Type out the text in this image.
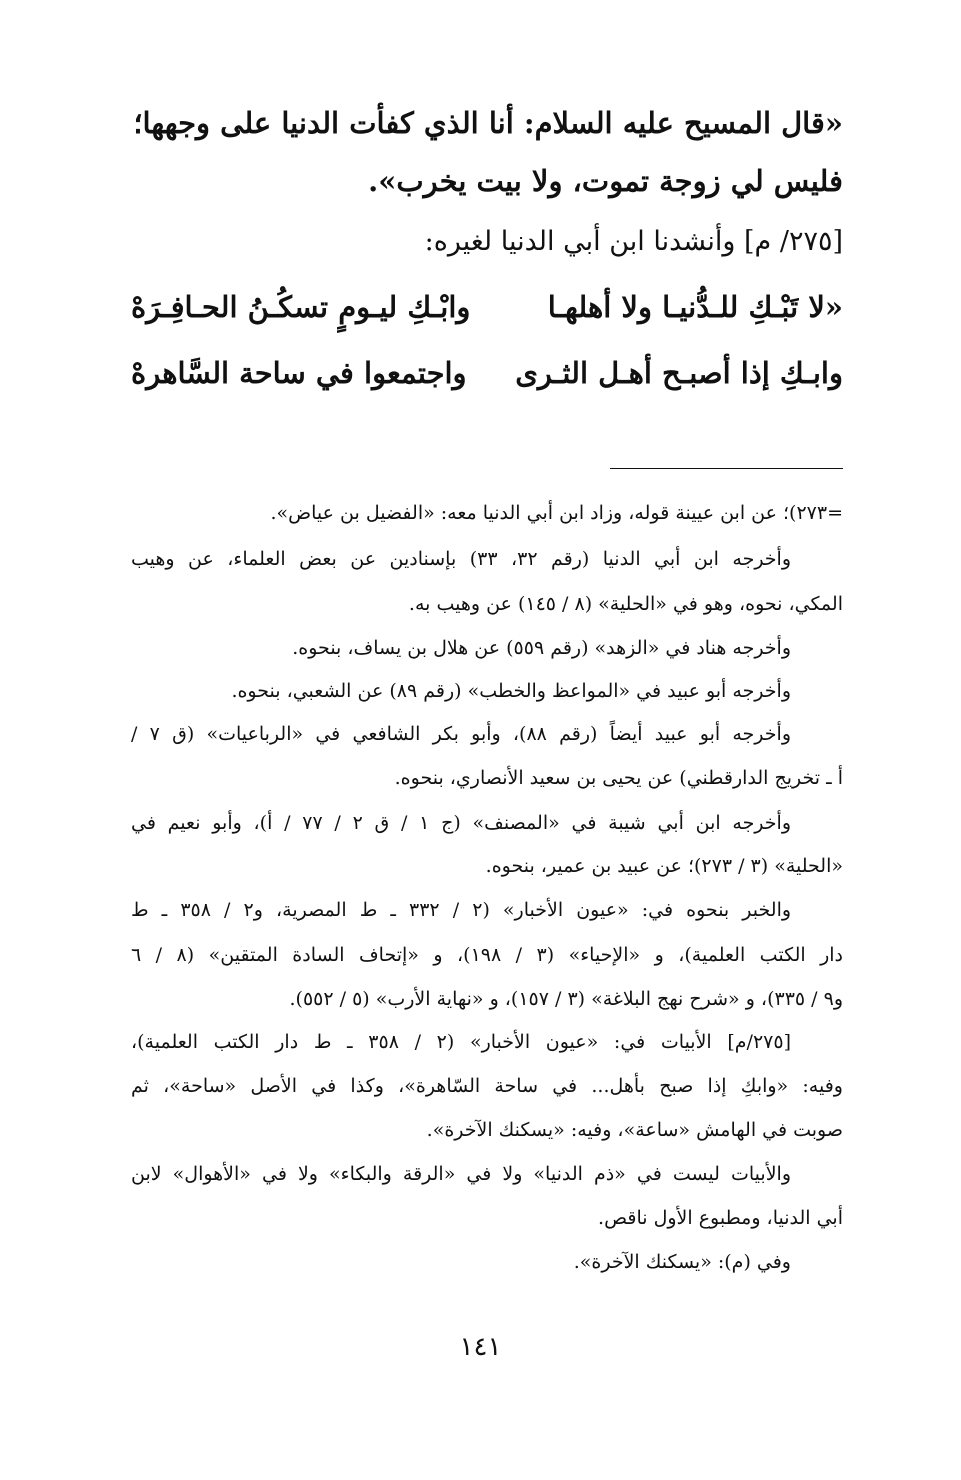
«قال المسيح عليه السلام: أنا الذي كفأت الدنيا على وجهها؛
فليس لي زوجة تموت، ولا بيت يخرب».
[٢٧٥/ م] وأنشدنا ابن أبي الدنيا لغيره:
«لا تَبْـكِ للـدُّنيـا ولا أهلهـا
وابْـكِ ليـومٍ تسكُـنُ الحـافِـرَهْ
وابـكِ إذا أصبـح أهـل الثـرى
واجتمعوا في ساحة السَّاهرهْ
=٢٧٣)؛ عن ابن عيينة قوله، وزاد ابن أبي الدنيا معه: «الفضيل بن عياض».
وأخرجه ابن أبي الدنيا (رقم ٣٢، ٣٣) بإسنادين عن بعض العلماء، عن وهيب
المكي، نحوه، وهو في «الحلية» (٨ / ١٤٥) عن وهيب به.
وأخرجه هناد في «الزهد» (رقم ٥٥٩) عن هلال بن يساف، بنحوه.
وأخرجه أبو عبيد في «المواعظ والخطب» (رقم ٨٩) عن الشعبي، بنحوه.
وأخرجه أبو عبيد أيضاً (رقم ٨٨)، وأبو بكر الشافعي في «الرباعيات» (ق ٧ /
أ ـ تخريج الدارقطني) عن يحيى بن سعيد الأنصاري، بنحوه.
وأخرجه ابن أبي شيبة في «المصنف» (ج ١ / ق ٢ / ٧٧ / أ)، وأبو نعيم في
«الحلية» (٣ / ٢٧٣)؛ عن عبيد بن عمير، بنحوه.
والخبر بنحوه في: «عيون الأخبار» (٢ / ٣٣٢ ـ ط المصرية، و٢ / ٣٥٨ ـ ط
دار الكتب العلمية)، و «الإحياء» (٣ / ١٩٨)، و «إتحاف السادة المتقين» (٨ / ٦
و٩ / ٣٣٥)، و «شرح نهج البلاغة» (٣ / ١٥٧)، و «نهاية الأرب» (٥ / ٥٥٢).
[٢٧٥/م] الأبيات في: «عيون الأخبار» (٢ / ٣٥٨ ـ ط دار الكتب العلمية)،
وفيه: «وابكِ إذا صبح بأهل... في ساحة السّاهرة»، وكذا في الأصل «ساحة»، ثم
صوبت في الهامش «ساعة»، وفيه: «يسكنك الآخرة».
والأبيات ليست في «ذم الدنيا» ولا في «الرقة والبكاء» ولا في «الأهوال» لابن
أبي الدنيا، ومطبوع الأول ناقص.
وفي (م): «يسكنك الآخرة».
١٤١
